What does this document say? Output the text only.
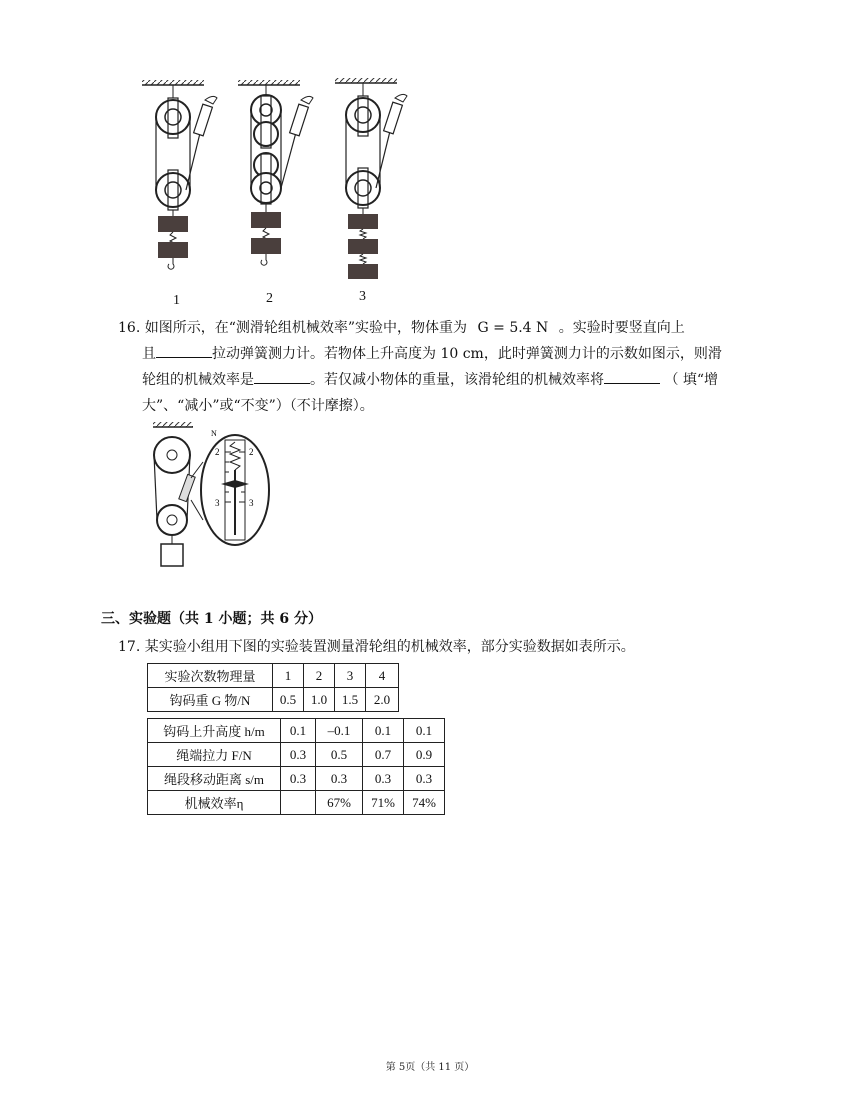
1	2	3
16. 如图所示，在“测滑轮组机械效率”实验中，物体重为 G = 5.4 N 。实验时要竖直向上
且	拉动弹簧测力计。若物体上升高度为 10 cm，此时弹簧测力计的示数如图示，则滑
轮组的机械效率是	。若仅减小物体的重量，该滑轮组的机械效率将	（ 填“增
大”、“减小”或“不变”）（不计摩擦）。
N
2	2
3	3
三、实验题（共 1 小题；共 6 分）
17. 某实验小组用下图的实验装置测量滑轮组的机械效率，部分实验数据如表所示。
实验次数物理量	1	2	3	4
钩码重 G 物/N	0.5	1.0	1.5	2.0
钩码上升高度 h/m	0.1	–0.1	0.1	0.1
绳端拉力 F/N	0.3	0.5	0.7	0.9
绳段移动距离 s/m	0.3	0.3	0.3	0.3
机械效率η		67%	71%	74%
第 5页（共 11 页）
